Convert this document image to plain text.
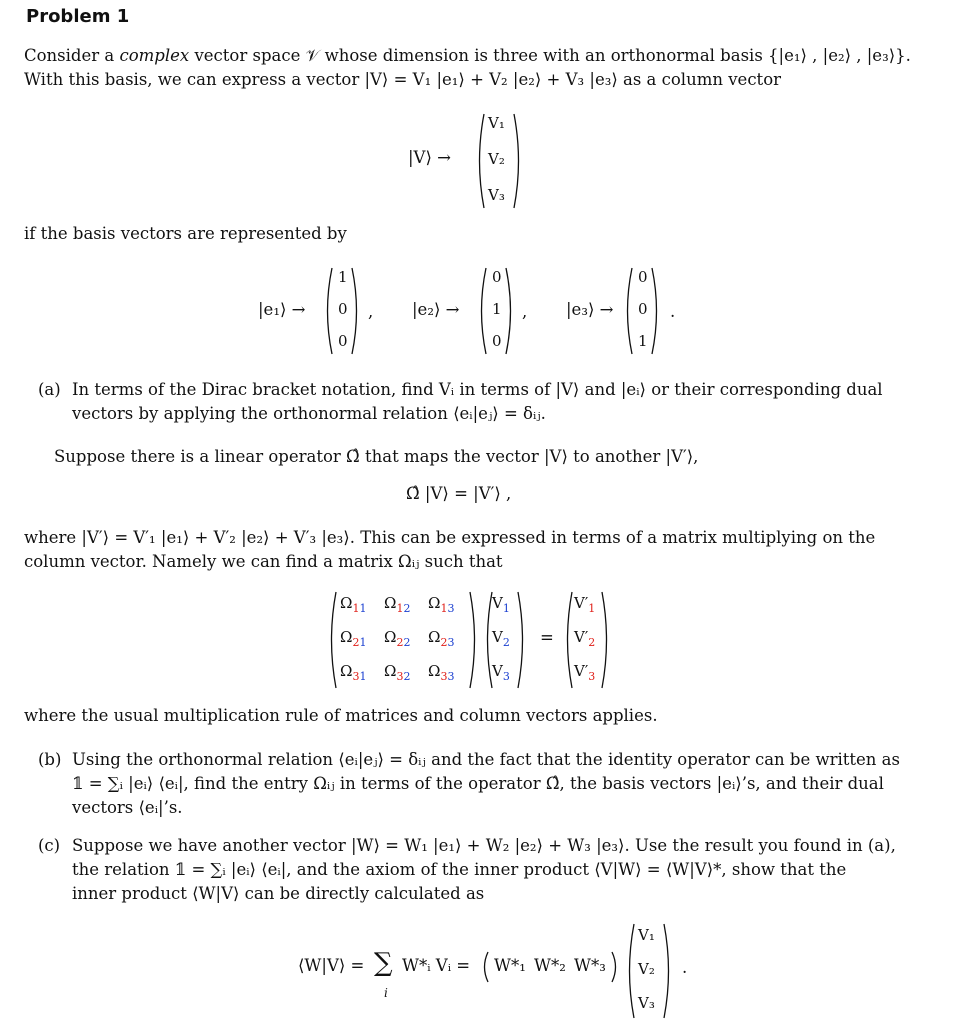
Problem 1
Consider a complex vector space 𝒱 whose dimension is three with an orthonormal basis {|e₁⟩ , |e₂⟩ , |e₃⟩}.
With this basis, we can express a vector |V⟩ = V₁ |e₁⟩ + V₂ |e₂⟩ + V₃ |e₃⟩ as a column vector
|V⟩ →
V₁
V₂
V₃
if the basis vectors are represented by
|e₁⟩ →
1
0
0
, |e₂⟩ →
0
1
0
, |e₃⟩ →
0
0
1
.
(a) In terms of the Dirac bracket notation, find Vᵢ in terms of |V⟩ and |eᵢ⟩ or their corresponding dual
vectors by applying the orthonormal relation ⟨eᵢ|eⱼ⟩ = δᵢⱼ.
Suppose there is a linear operator Ω̂ that maps the vector |V⟩ to another |V′⟩,
Ω̂ |V⟩ = |V′⟩ ,
where |V′⟩ = V′₁ |e₁⟩ + V′₂ |e₂⟩ + V′₃ |e₃⟩. This can be expressed in terms of a matrix multiplying on the
column vector. Namely we can find a matrix Ωᵢⱼ such that
$\Omega_{11}$ $\Omega_{12}$ $\Omega_{13}$
$\Omega_{21}$ $\Omega_{22}$ $\Omega_{23}$
$\Omega_{31}$ $\Omega_{32}$ $\Omega_{33}$
$V_1$
$V_2$
$V_3$
=
$V'_1$
$V'_2$
$V'_3$
where the usual multiplication rule of matrices and column vectors applies.
(b) Using the orthonormal relation ⟨eᵢ|eⱼ⟩ = δᵢⱼ and the fact that the identity operator can be written as
𝟙 = ∑ᵢ |eᵢ⟩ ⟨eᵢ|, find the entry Ωᵢⱼ in terms of the operator Ω̂, the basis vectors |eᵢ⟩’s, and their dual
vectors ⟨eᵢ|’s.
(c) Suppose we have another vector |W⟩ = W₁ |e₁⟩ + W₂ |e₂⟩ + W₃ |e₃⟩. Use the result you found in (a),
the relation 𝟙 = ∑ᵢ |eᵢ⟩ ⟨eᵢ|, and the axiom of the inner product ⟨V|W⟩ = ⟨W|V⟩*, show that the
inner product ⟨W|V⟩ can be directly calculated as
⟨W|V⟩ = ∑
i
W*ᵢ Vᵢ = W*₁ W*₂ W*₃
V₁
V₂
V₃
.
